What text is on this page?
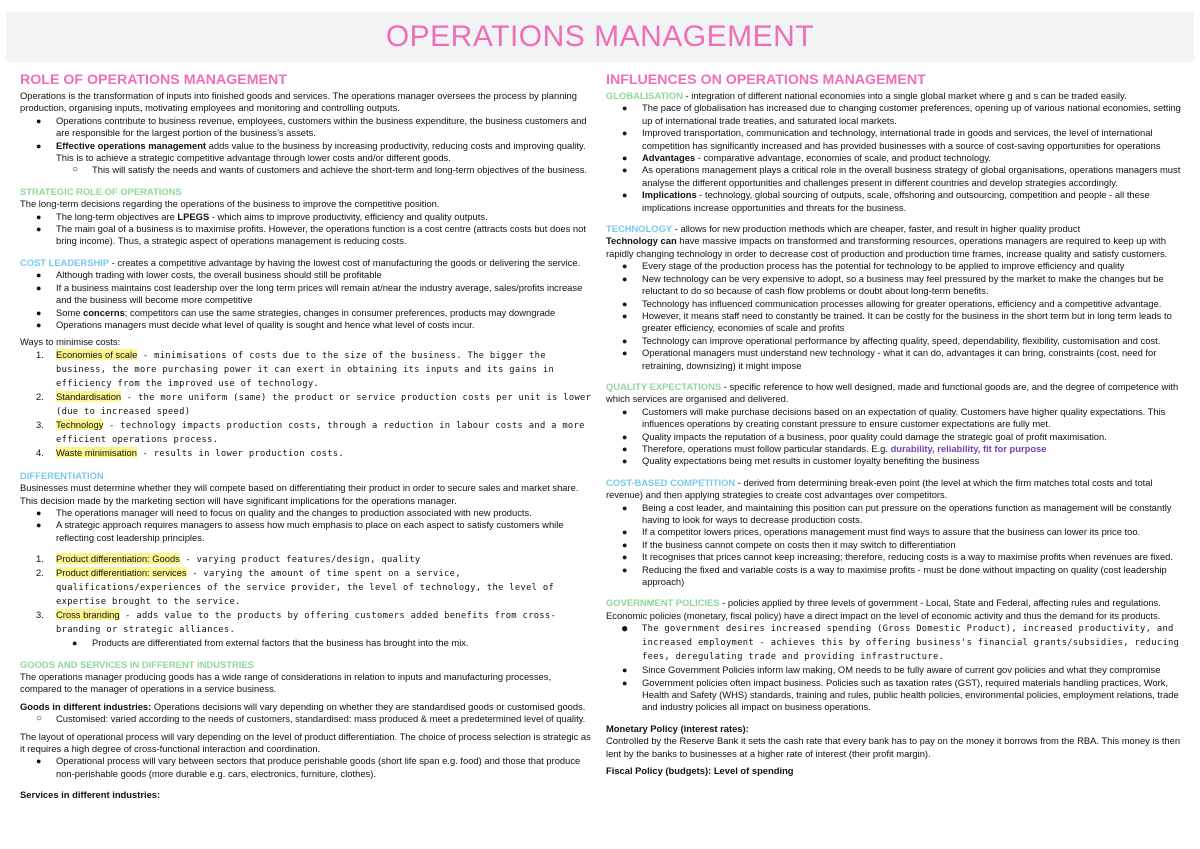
OPERATIONS MANAGEMENT
ROLE OF OPERATIONS MANAGEMENT

Operations is the transformation of inputs into finished goods and services. The operations manager oversees the process by planning production, organising inputs, motivating employees and monitoring and controlling outputs.

● Operations contribute to business revenue, employees, customers within the business expenditure, the business customers and are responsible for the largest portion of the business’s assets.
● Effective operations management adds value to the business by increasing productivity, reducing costs and improving quality. This is to achieve a strategic competitive advantage through lower costs and/or different goods.
○ This will satisfy the needs and wants of customers and achieve the short-term and long-term objectives of the business.

STRATEGIC ROLE OF OPERATIONS

The long-term decisions regarding the operations of the business to improve the competitive position.

● The long-term objectives are LPEGS - which aims to improve productivity, efficiency and quality outputs.
● The main goal of a business is to maximise profits. However, the operations function is a cost centre (attracts costs but does not bring income). Thus, a strategic aspect of operations management is reducing costs.

COST LEADERSHIP - creates a competitive advantage by having the lowest cost of manufacturing the goods or delivering the service.

● Although trading with lower costs, the overall business should still be profitable
● If a business maintains cost leadership over the long term prices will remain at/near the industry average, sales/profits increase and the business will become more competitive
● Some concerns; competitors can use the same strategies, changes in consumer preferences, products may downgrade
● Operations managers must decide what level of quality is sought and hence what level of costs incur.

Ways to minimise costs:

1. Economies of scale - minimisations of costs due to the size of the business. The bigger the business, the more purchasing power it can exert in obtaining its inputs and its gains in efficiency from the improved use of technology.
2. Standardisation - the more uniform (same) the product or service production costs per unit is lower (due to increased speed)
3. Technology - technology impacts production costs, through a reduction in labour costs and a more efficient operations process.
4. Waste minimisation - results in lower production costs.

DIFFERENTIATION

Businesses must determine whether they will compete based on differentiating their product in order to secure sales and market share. This decision made by the marketing section will have significant implications for the operations manager.

● The operations manager will need to focus on quality and the changes to production associated with new products.
● A strategic approach requires managers to assess how much emphasis to place on each aspect to satisfy customers while reflecting cost leadership principles.
1. Product differentiation: Goods - varying product features/design, quality
2. Product differentiation: services - varying the amount of time spent on a service, qualifications/experiences of the service provider, the level of technology, the level of expertise brought to the service.
3. Cross branding - adds value to the products by offering customers added benefits from cross-branding or strategic alliances.
● Products are differentiated from external factors that the business has brought into the mix.

GOODS AND SERVICES IN DIFFERENT INDUSTRIES

The operations manager producing goods has a wide range of considerations in relation to inputs and manufacturing processes, compared to the manager of operations in a service business.

Goods in different industries: Operations decisions will vary depending on whether they are standardised goods or customised goods.

○ Customised: varied according to the needs of customers, standardised: mass produced & meet a predetermined level of quality.

The layout of operational process will vary depending on the level of product differentiation. The choice of process selection is strategic as it requires a high degree of cross-functional interaction and coordination.

● Operational process will vary between sectors that produce perishable goods (short life span e.g. food) and those that produce non-perishable goods (more durable e.g. cars, electronics, furniture, clothes).

Services in different industries:

INFLUENCES ON OPERATIONS MANAGEMENT

GLOBALISATION - integration of different national economies into a single global market where g and s can be traded easily.

● The pace of globalisation has increased due to changing customer preferences, opening up of various national economies, setting up of international trade treaties, and saturated local markets.
● Improved transportation, communication and technology, international trade in goods and services, the level of international competition has significantly increased and has provided businesses with a source of cost-saving opportunities for operations
● Advantages - comparative advantage, economies of scale, and product technology.
● As operations management plays a critical role in the overall business strategy of global organisations, operations managers must analyse the different opportunities and challenges present in different countries and develop strategies accordingly.
● Implications - technology, global sourcing of outputs, scale, offshoring and outsourcing, competition and people - all these implications increase opportunities and threats for the business.

TECHNOLOGY - allows for new production methods which are cheaper, faster, and result in higher quality product

Technology can have massive impacts on transformed and transforming resources, operations managers are required to keep up with rapidly changing technology in order to decrease cost of production and production time frames, increase quality and satisfy customers.

● Every stage of the production process has the potential for technology to be applied to improve efficiency and quality
● New technology can be very expensive to adopt, so a business may feel pressured by the market to make the changes but be reluctant to do so because of cash flow problems or doubt about long-term benefits.
● Technology has influenced communication processes allowing for greater operations, efficiency and a competitive advantage.
● However, it means staff need to constantly be trained. It can be costly for the business in the short term but in long term leads to greater efficiency, economies of scale and profits
● Technology can improve operational performance by affecting quality, speed, dependability, flexibility, customisation and cost.
● Operational managers must understand new technology - what it can do, advantages it can bring, constraints (cost, need for retraining, downsizing) it might impose

QUALITY EXPECTATIONS - specific reference to how well designed, made and functional goods are, and the degree of competence with which services are organised and delivered.

● Customers will make purchase decisions based on an expectation of quality. Customers have higher quality expectations. This influences operations by creating constant pressure to ensure customer expectations are fully met.
● Quality impacts the reputation of a business, poor quality could damage the strategic goal of profit maximisation.
● Therefore, operations must follow particular standards. E.g. durability, reliability, fit for purpose
● Quality expectations being met results in customer loyalty benefiting the business

COST-BASED COMPETITION - derived from determining break-even point (the level at which the firm matches total costs and total revenue) and then applying strategies to create cost advantages over competitors.

● Being a cost leader, and maintaining this position can put pressure on the operations function as management will be constantly having to look for ways to decrease production costs.
● If a competitor lowers prices, operations management must find ways to assure that the business can lower its price too.
● If the business cannot compete on costs then it may switch to differentiation
● It recognises that prices cannot keep increasing; therefore, reducing costs is a way to maximise profits when revenues are fixed.
● Reducing the fixed and variable costs is a way to maximise profits - must be done without impacting on quality (cost leadership approach)

GOVERNMENT POLICIES - policies applied by three levels of government - Local, State and Federal, affecting rules and regulations.

Economic policies (monetary, fiscal policy) have a direct impact on the level of economic activity and thus the demand for its products.

● The government desires increased spending (Gross Domestic Product), increased productivity, and increased employment - achieves this by offering business's financial grants/subsidies, reducing fees, deregulating trade and providing infrastructure.
● Since Government Policies inform law making, OM needs to be fully aware of current gov policies and what they compromise
● Government policies often impact business. Policies such as taxation rates (GST), required materials handling practices, Work, Health and Safety (WHS) standards, training and rules, public health policies, environmental policies, employment relations, trade and industry policies all impact on business operations.

Monetary Policy (interest rates):

Controlled by the Reserve Bank it sets the cash rate that every bank has to pay on the money it borrows from the RBA. This money is then lent by the banks to businesses at a higher rate of interest (their profit margin).

Fiscal Policy (budgets): Level of spending
